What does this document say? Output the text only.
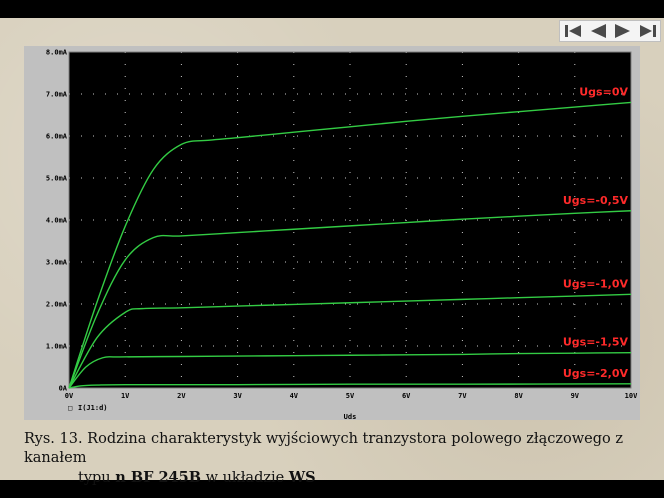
0A
1.0mA
2.0mA
3.0mA
4.0mA
5.0mA
6.0mA
7.0mA
8.0mA
0V	1V	2V	3V	4V	5V	6V	7V	8V	9V	10V
Ugs=0V
Ugs=-0,5V
Ugs=-1,0V
Ugs=-1,5V
Ugs=-2,0V
□ I(J1:d)
Uds
Rys. 13. Rodzina charakterystyk wyjściowych tranzystora polowego złączowego z kanałem
typu n BF 245B w układzie WS
